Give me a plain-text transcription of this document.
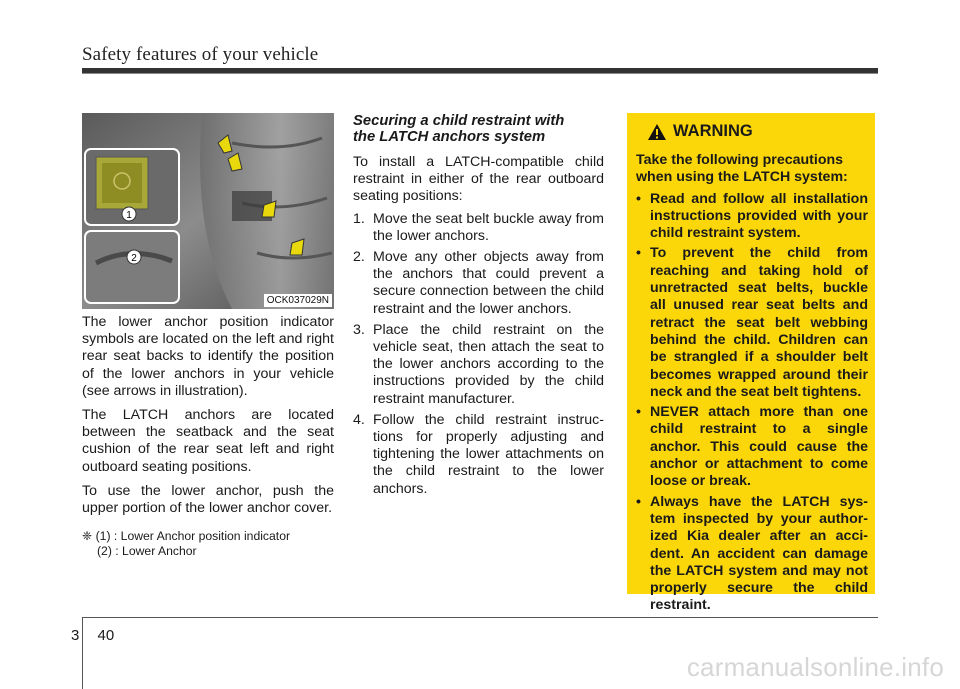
Safety features of your vehicle
1
2
OCK037029N

The lower anchor position indicator symbols are located on the left and right rear seat backs to identify the position of the lower anchors in your vehicle (see arrows in illustration).

The LATCH anchors are located between the seatback and the seat cushion of the rear seat left and right outboard seating positions.

To use the lower anchor, push the upper portion of the lower anchor cover.

❈ (1) : Lower Anchor position indicator
(2) : Lower Anchor
Securing a child restraint with
the LATCH anchors system

To install a LATCH-compatible child restraint in either of the rear outboard seating positions:

1. Move the seat belt buckle away from the lower anchors.
2. Move any other objects away from the anchors that could prevent a secure connection between the child restraint and the lower anchors.
3. Place the child restraint on the vehicle seat, then attach the seat to the lower anchors according to the instructions provided by the child restraint manufacturer.
4. Follow the child restraint instruc-tions for properly adjusting and tightening the lower attachments on the child restraint to the lower anchors.
WARNING

Take the following precautions when using the LATCH system:

• Read and follow all installation instructions provided with your child restraint system.
• To prevent the child from reaching and taking hold of unretracted seat belts, buckle all unused rear seat belts and retract the seat belt webbing behind the child. Children can be strangled if a shoulder belt becomes wrapped around their neck and the seat belt tightens.
• NEVER attach more than one child restraint to a single anchor. This could cause the anchor or attachment to come loose or break.
• Always have the LATCH sys-tem inspected by your author-ized Kia dealer after an acci-dent. An accident can damage the LATCH system and may not properly secure the child restraint.
3 40
carmanualsonline.info
